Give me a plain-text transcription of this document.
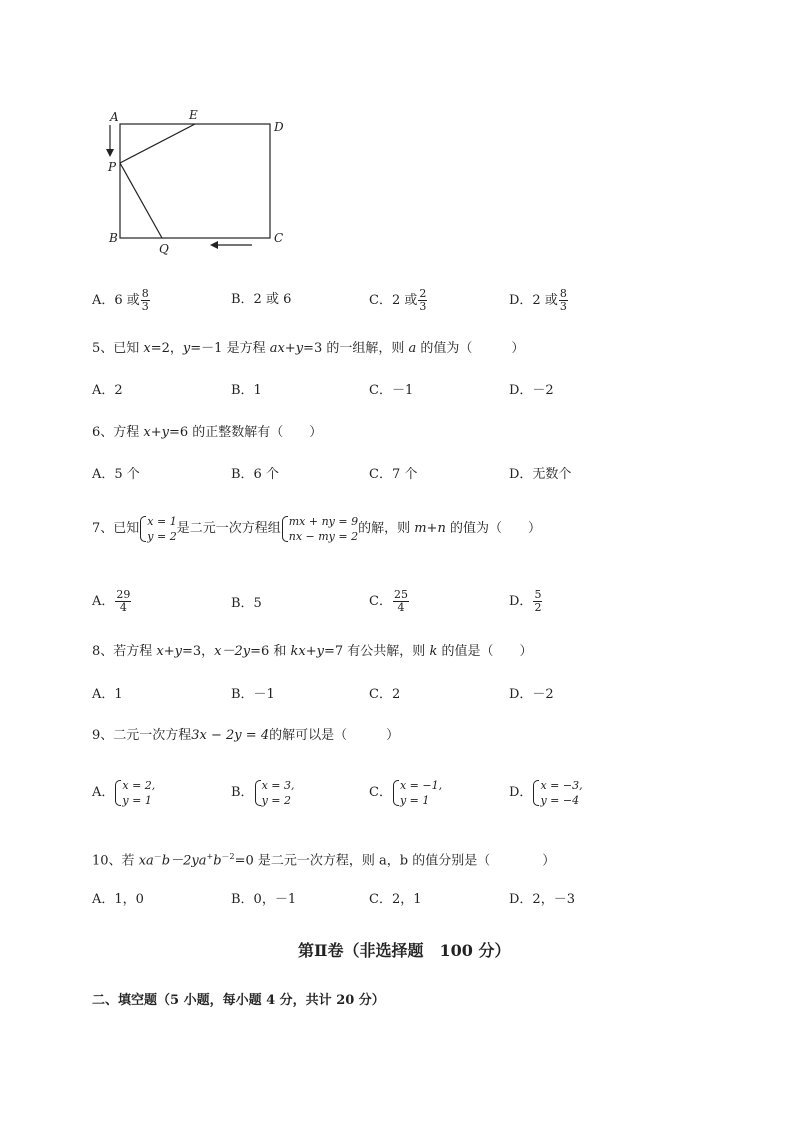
A	E
D
P
B
Q
C
A．6 或 $\frac{8}{3}$	B．2 或 6	C．2 或 $\frac{2}{3}$	D．2 或 $\frac{8}{3}$
5、已知 x=2，y=－1 是方程 ax+y=3 的一组解，则 a 的值为（　　　）
A．2	B．1	C．－1	D．－2
6、方程 x+y=6 的正整数解有（　　）
A．5 个	B．6 个	C．7 个	D．无数个
7、已知 x = 1
y = 2
是二元一次方程组 mx + ny = 9
nx − my = 2
的解，则 m+n 的值为（　　）
A． $\frac{29}{4}$	B．5	C． $\frac{25}{4}$	D． $\frac{5}{2}$
8、若方程 x+y=3，x－2y=6 和 kx+y=7 有公共解，则 k 的值是（　　）
A．1	B．－1	C．2	D．－2
9、二元一次方程3x − 2y = 4的解可以是（　　　）
A． x = 2,
y = 1
B． x = 3,
y = 2
C． x = −1,
y = 1
D． x = −3,
y = −4
10、若 $xa^-b-2ya^+b^{-2}=0$ 是二元一次方程，则 a，b 的值分别是（　　　　）
A．1，0	B．0，－1	C．2，1	D．2，－3
第Ⅱ卷（非选择题　100 分）
二、填空题（5 小题，每小题 4 分，共计 20 分）
